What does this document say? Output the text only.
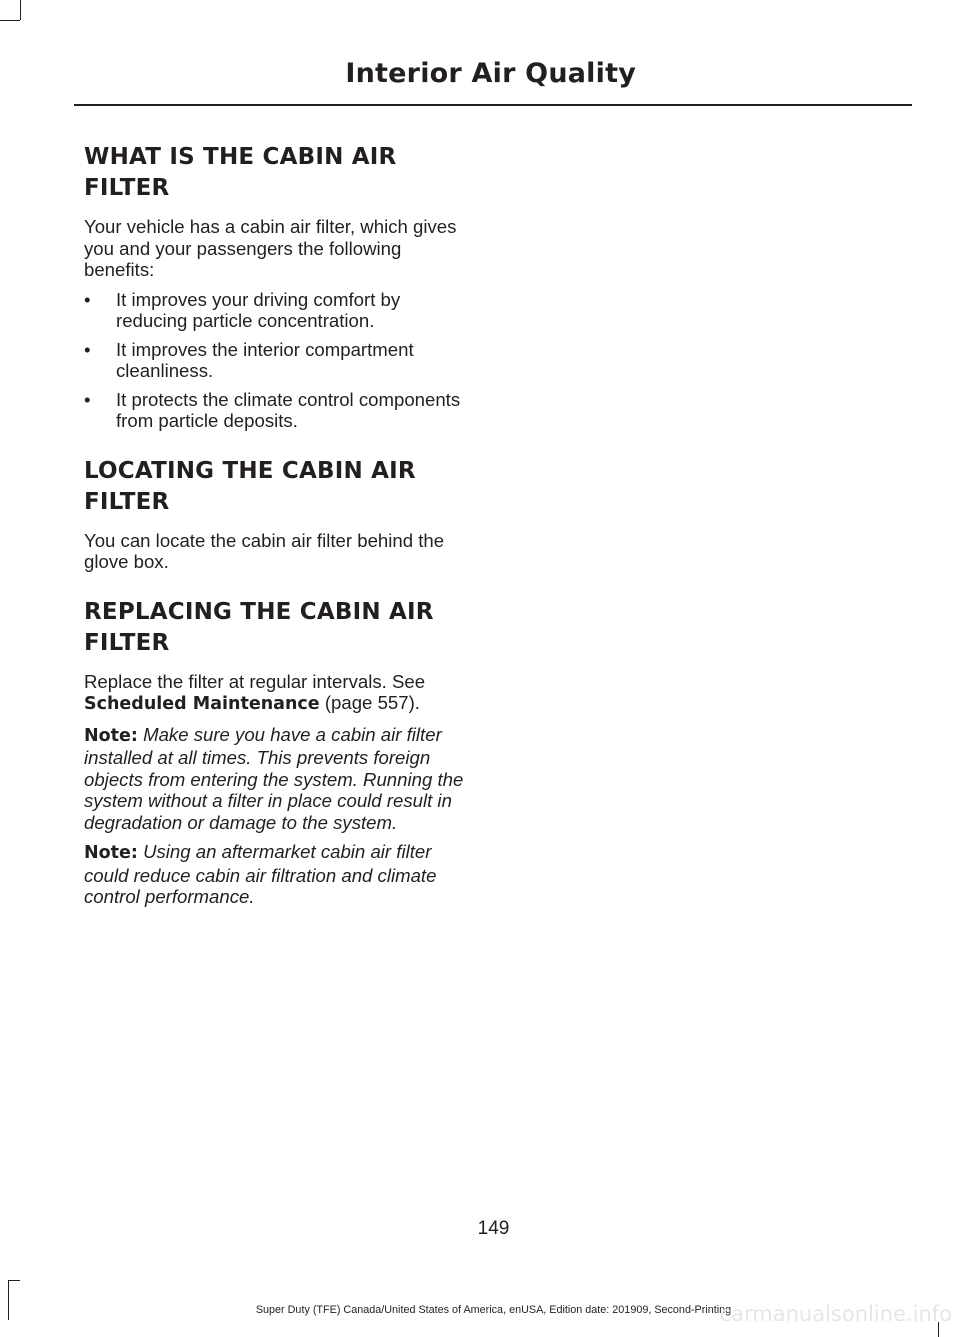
Interior Air Quality
WHAT IS THE CABIN AIR
FILTER

Your vehicle has a cabin air filter, which gives you and your passengers the following benefits:

• It improves your driving comfort by reducing particle concentration.
• It improves the interior compartment cleanliness.
• It protects the climate control components from particle deposits.
LOCATING THE CABIN AIR
FILTER

You can locate the cabin air filter behind the glove box.

REPLACING THE CABIN AIR
FILTER

Replace the filter at regular intervals. See Scheduled Maintenance (page 557).

Note: Make sure you have a cabin air filter installed at all times. This prevents foreign objects from entering the system. Running the system without a filter in place could result in degradation or damage to the system.

Note: Using an aftermarket cabin air filter could reduce cabin air filtration and climate control performance.

149
Super Duty (TFE) Canada/United States of America, enUSA, Edition date: 201909, Second-Printing
carmanualsonline.info
